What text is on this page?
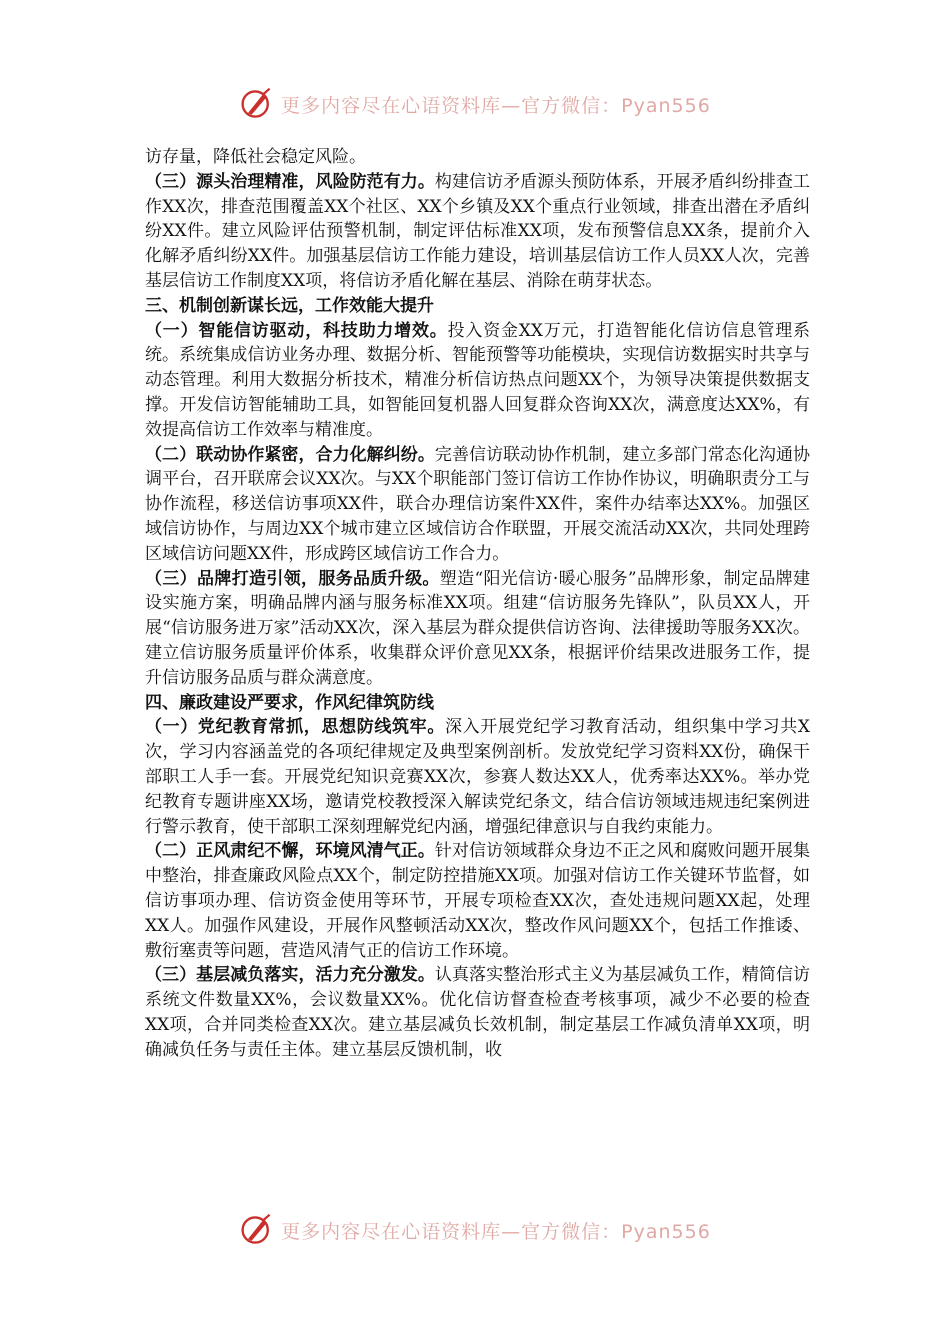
更多内容尽在心语资料库—官方微信：Pyan556

访存量，降低社会稳定风险。

（三）源头治理精准，风险防范有力。构建信访矛盾源头预防体系，开展矛盾纠纷排查工作XX次，排查范围覆盖XX个社区、XX个乡镇及XX个重点行业领域，排查出潜在矛盾纠纷XX件。建立风险评估预警机制，制定评估标准XX项，发布预警信息XX条，提前介入化解矛盾纠纷XX件。加强基层信访工作能力建设，培训基层信访工作人员XX人次，完善基层信访工作制度XX项，将信访矛盾化解在基层、消除在萌芽状态。

三、机制创新谋长远，工作效能大提升

（一）智能信访驱动，科技助力增效。投入资金XX万元，打造智能化信访信息管理系统。系统集成信访业务办理、数据分析、智能预警等功能模块，实现信访数据实时共享与动态管理。利用大数据分析技术，精准分析信访热点问题XX个，为领导决策提供数据支撑。开发信访智能辅助工具，如智能回复机器人回复群众咨询XX次，满意度达XX%，有效提高信访工作效率与精准度。

（二）联动协作紧密，合力化解纠纷。完善信访联动协作机制，建立多部门常态化沟通协调平台，召开联席会议XX次。与XX个职能部门签订信访工作协作协议，明确职责分工与协作流程，移送信访事项XX件，联合办理信访案件XX件，案件办结率达XX%。加强区域信访协作，与周边XX个城市建立区域信访合作联盟，开展交流活动XX次，共同处理跨区域信访问题XX件，形成跨区域信访工作合力。

（三）品牌打造引领，服务品质升级。塑造“阳光信访·暖心服务”品牌形象，制定品牌建设实施方案，明确品牌内涵与服务标准XX项。组建“信访服务先锋队”，队员XX人，开展“信访服务进万家”活动XX次，深入基层为群众提供信访咨询、法律援助等服务XX次。建立信访服务质量评价体系，收集群众评价意见XX条，根据评价结果改进服务工作，提升信访服务品质与群众满意度。

四、廉政建设严要求，作风纪律筑防线

（一）党纪教育常抓，思想防线筑牢。深入开展党纪学习教育活动，组织集中学习共X次，学习内容涵盖党的各项纪律规定及典型案例剖析。发放党纪学习资料XX份，确保干部职工人手一套。开展党纪知识竞赛XX次，参赛人数达XX人，优秀率达XX%。举办党纪教育专题讲座XX场，邀请党校教授深入解读党纪条文，结合信访领域违规违纪案例进行警示教育，使干部职工深刻理解党纪内涵，增强纪律意识与自我约束能力。

（二）正风肃纪不懈，环境风清气正。针对信访领域群众身边不正之风和腐败问题开展集中整治，排查廉政风险点XX个，制定防控措施XX项。加强对信访工作关键环节监督，如信访事项办理、信访资金使用等环节，开展专项检查XX次，查处违规问题XX起，处理XX人。加强作风建设，开展作风整顿活动XX次，整改作风问题XX个，包括工作推诿、敷衍塞责等问题，营造风清气正的信访工作环境。

（三）基层减负落实，活力充分激发。认真落实整治形式主义为基层减负工作，精简信访系统文件数量XX%，会议数量XX%。优化信访督查检查考核事项，减少不必要的检查XX项，合并同类检查XX次。建立基层减负长效机制，制定基层工作减负清单XX项，明确减负任务与责任主体。建立基层反馈机制，收

更多内容尽在心语资料库—官方微信：Pyan556
